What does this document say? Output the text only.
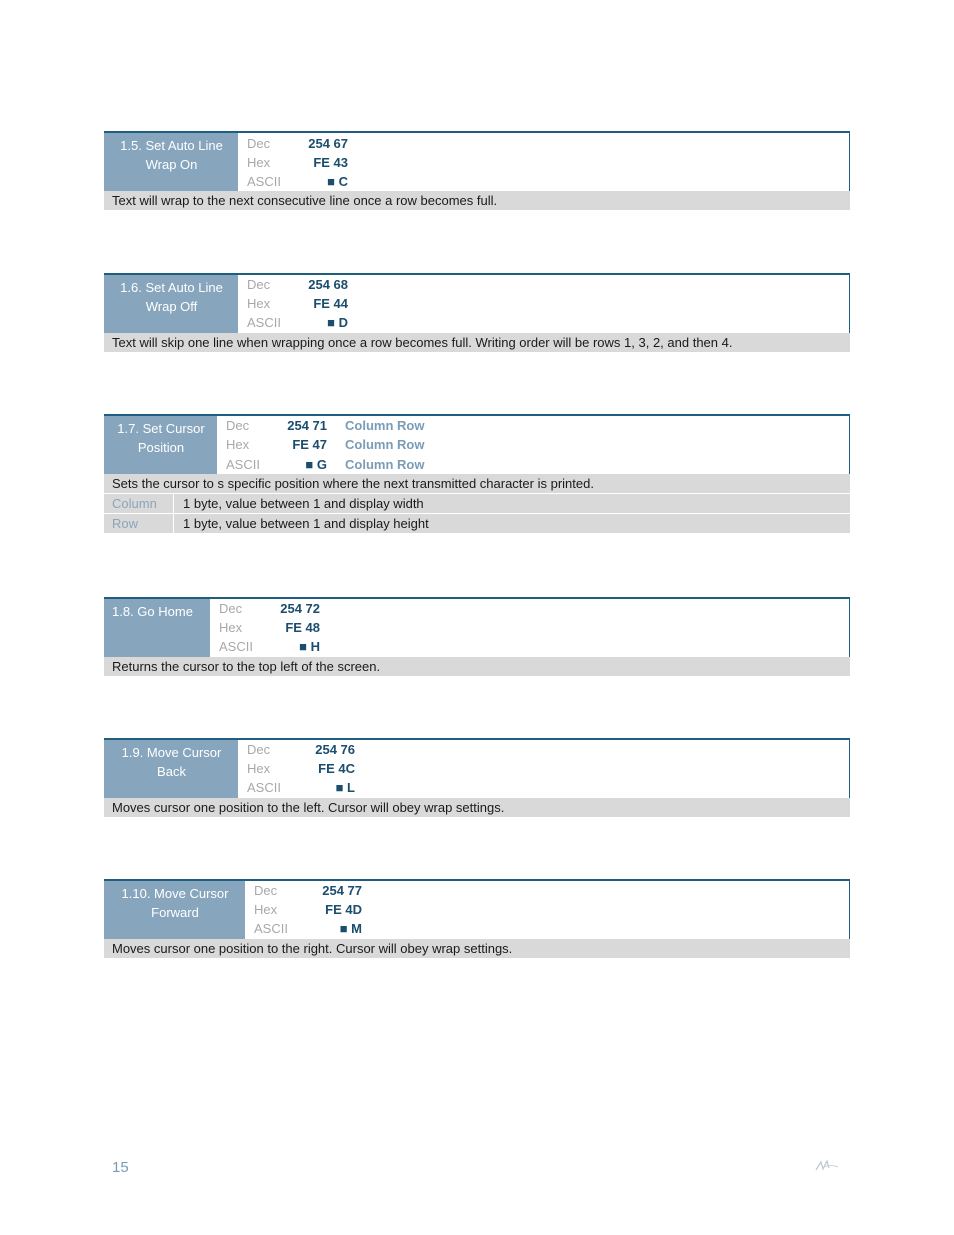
1.5. Set Auto Line Wrap On
Dec	254 67
Hex	FE 43
ASCII	■ C
Text will wrap to the next consecutive line once a row becomes full.
1.6. Set Auto Line Wrap Off
Dec	254 68
Hex	FE 44
ASCII	■ D
Text will skip one line when wrapping once a row becomes full. Writing order will be rows 1, 3, 2, and then 4.
1.7. Set Cursor Position
Dec	254 71 Column Row
Hex	FE 47 Column Row
ASCII	■ G Column Row
Sets the cursor to s specific position where the next transmitted character is printed.
Column	1 byte, value between 1 and display width
Row	1 byte, value between 1 and display height
1.8. Go Home	Dec	254 72
Hex	FE 48
ASCII	■ H
Returns the cursor to the top left of the screen.
1.9. Move Cursor Back
Dec	254 76
Hex	FE 4C
ASCII	■ L
Moves cursor one position to the left. Cursor will obey wrap settings.
1.10. Move Cursor Forward
Dec	254 77
Hex	FE 4D
ASCII	■ M
Moves cursor one position to the right. Cursor will obey wrap settings.
15
